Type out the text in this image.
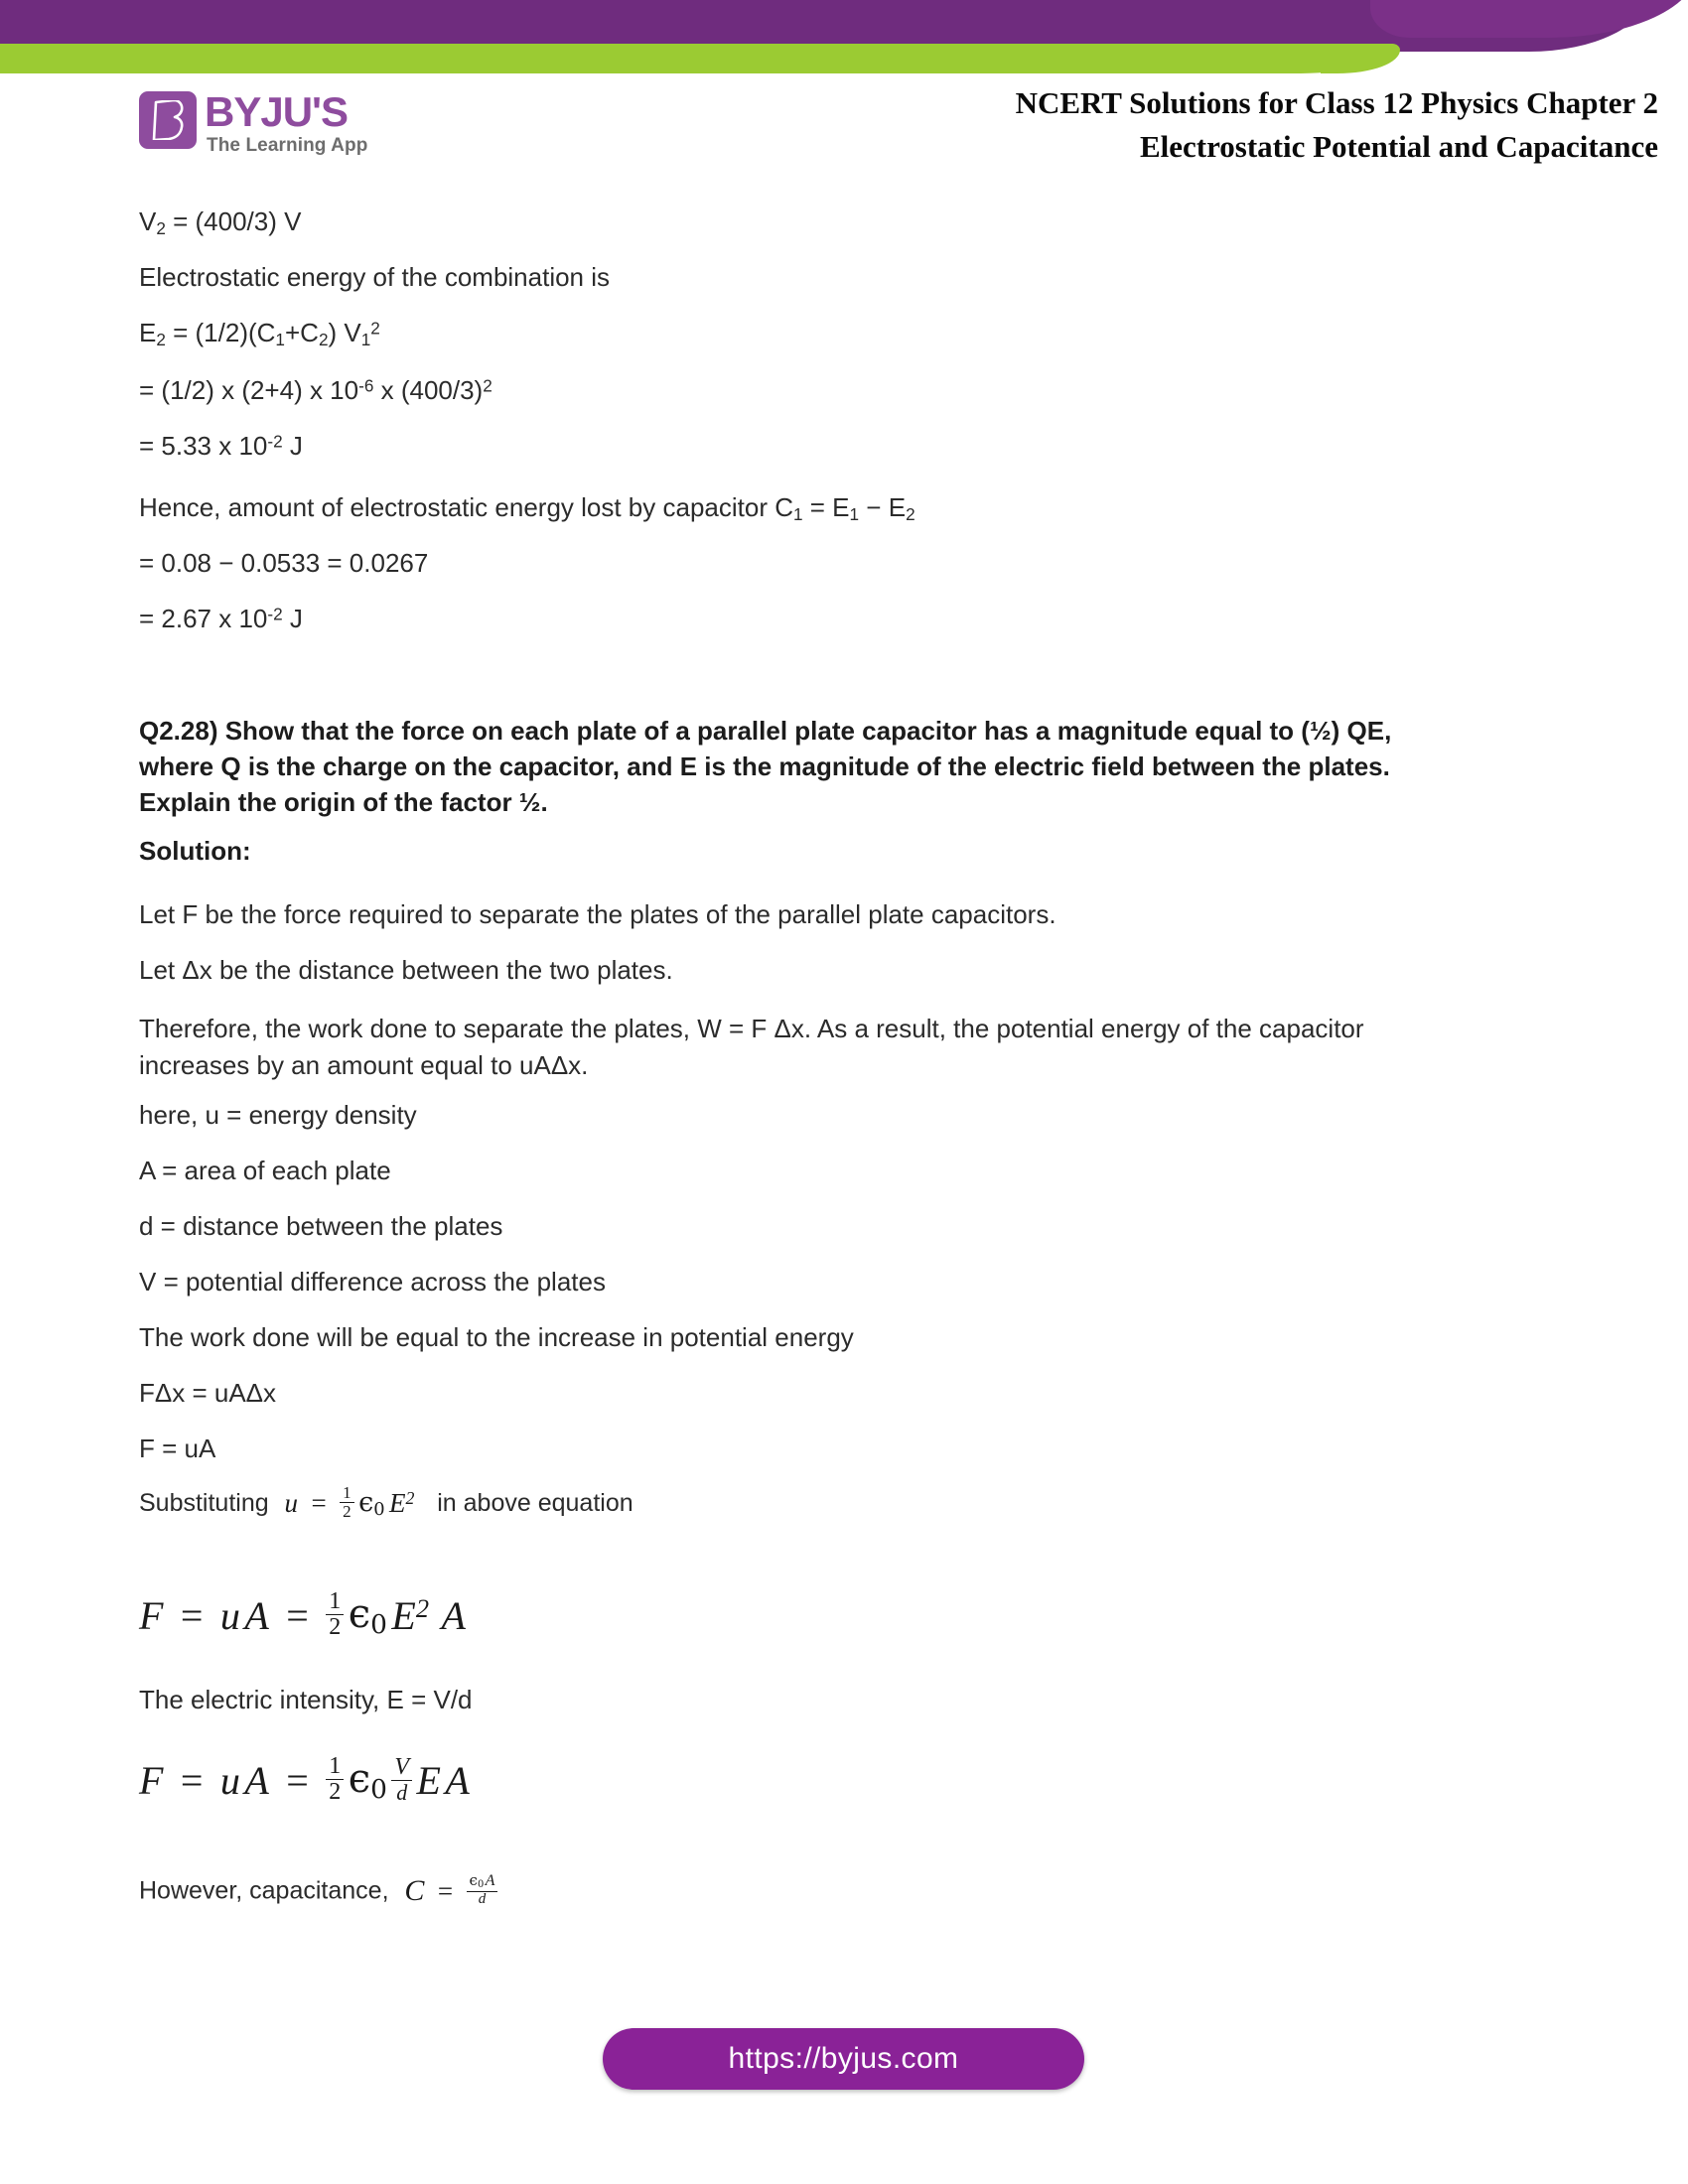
BYJU'S
The Learning App
NCERT Solutions for Class 12 Physics Chapter 2
Electrostatic Potential and Capacitance
$V_2 = (400/3)$ V
Electrostatic energy of the combination is
$E_2 = (1/2)(C_1+C_2)$ $V_1^2$
= (1/2) x (2+4) x $10^{-6}$ x $(400/3)^2$
= 5.33 x $10^{-2}$ J
Hence, amount of electrostatic energy lost by capacitor $C_1 = E_1 - E_2$
= 0.08 − 0.0533 = 0.0267
= 2.67 x $10^{-2}$ J
Q2.28) Show that the force on each plate of a parallel plate capacitor has a magnitude equal to (½) QE, where Q is the charge on the capacitor, and E is the magnitude of the electric field between the plates. Explain the origin of the factor ½.
Solution:
Let F be the force required to separate the plates of the parallel plate capacitors.
Let Δx be the distance between the two plates.
Therefore, the work done to separate the plates, W = F Δx. As a result, the potential energy of the capacitor increases by an amount equal to uAΔx.
here, u = energy density
A = area of each plate
d = distance between the plates
V = potential difference across the plates
The work done will be equal to the increase in potential energy
FΔx = uAΔx
F = uA
Substituting $u = \frac{1}{2} \epsilon_0$ $E^2$ in above equation
F = u $A = \frac{1}{2} \epsilon_0$ $E^2$ A
The electric intensity, E = V/d
F = u $A = \frac{1}{2} \epsilon_0 \frac{V}{d}$ E A
However, capacitance, $C = \frac{\epsilon_0 A}{d}$
https://byjus.com
